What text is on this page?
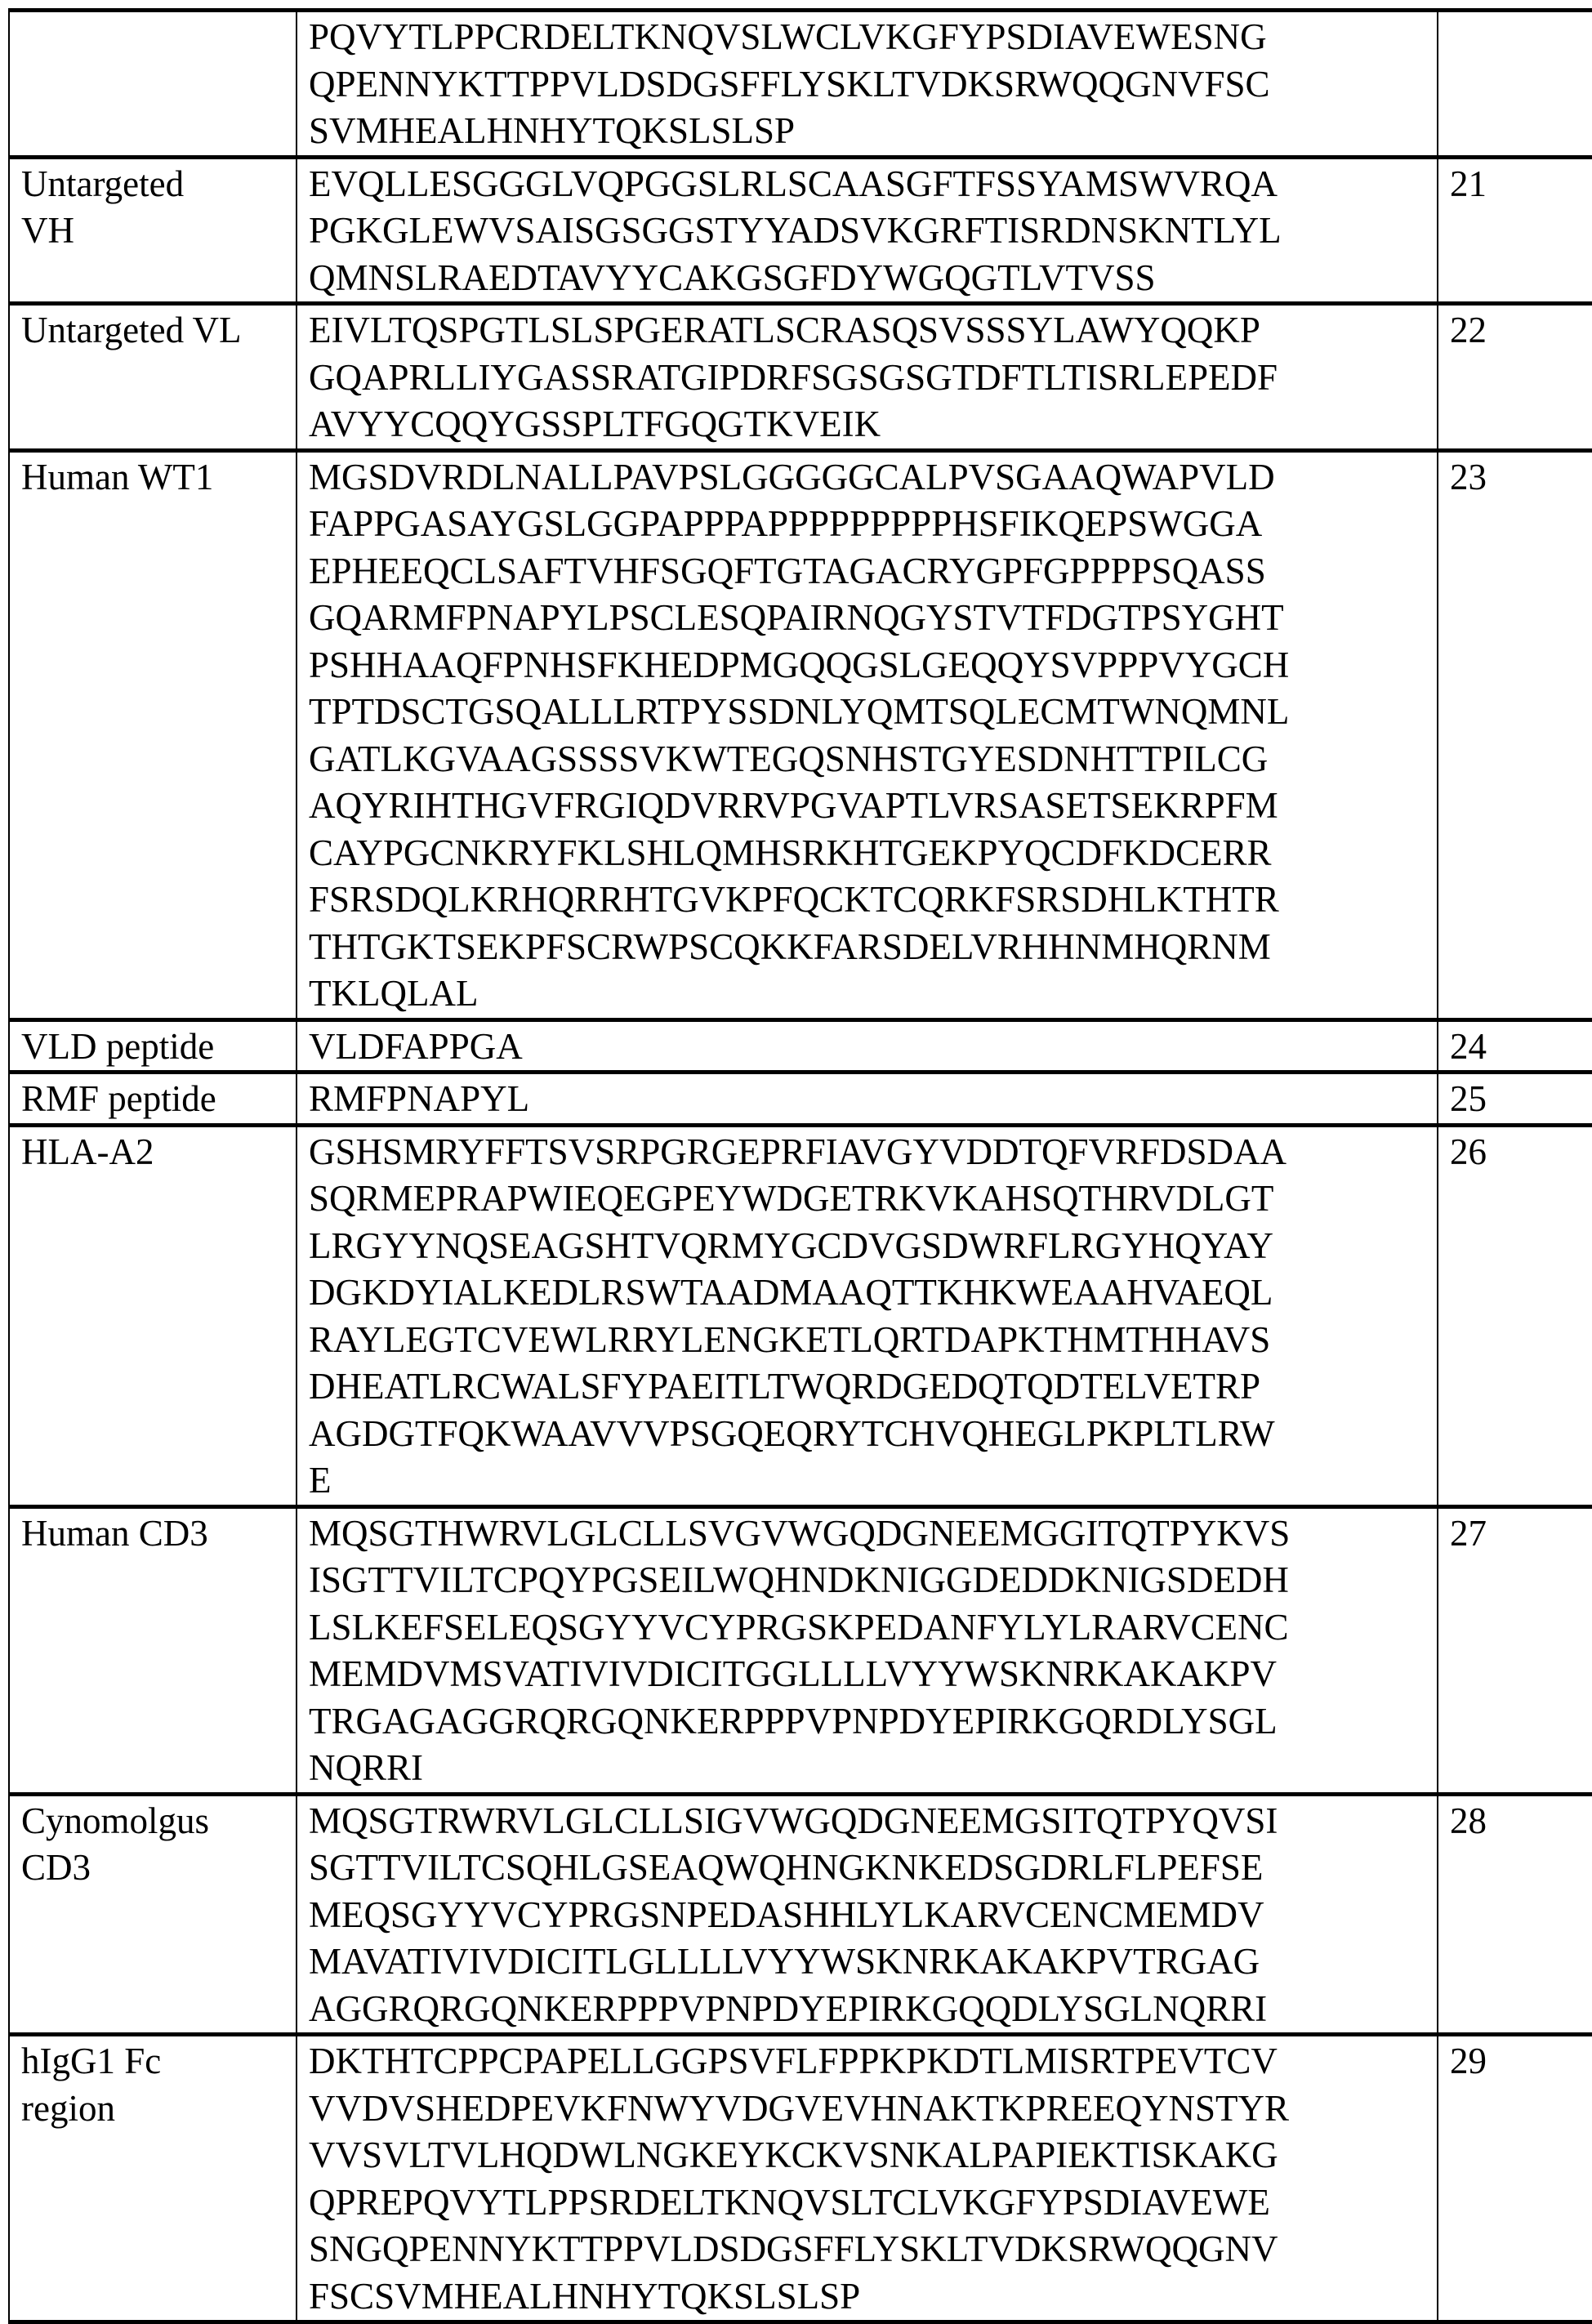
PQVYTLPPCRDELTKNQVSLWCLVKGFYPSDIAVEWESNG
QPENNYKTTPPVLDSDGSFFLYSKLTVDKSRWQQGNVFSC
SVMHEALHNHYTQKSLSLSP

Untargeted
VH

EVQLLESGGGLVQPGGSLRLSCAASGFTFSSYAMSWVRQA
PGKGLEWVSAISGSGGSTYYADSVKGRFTISRDNSKNTLYL
QMNSLRAEDTAVYYCAKGSGFDYWGQGTLVTVSS

21

Untargeted VL	EIVLTQSPGTLSLSPGERATLSCRASQSVSSSYLAWYQQKP
GQAPRLLIYGASSRATGIPDRFSGSGSGTDFTLTISRLEPEDF
AVYYCQQYGSSPLTFGQGTKVEIK

22

Human WT1	MGSDVRDLNALLPAVPSLGGGGGCALPVSGAAQWAPVLD
FAPPGASAYGSLGGPAPPPAPPPPPPPPPHSFIKQEPSWGGA
EPHEEQCLSAFTVHFSGQFTGTAGACRYGPFGPPPPSQASS
GQARMFPNAPYLPSCLESQPAIRNQGYSTVTFDGTPSYGHT
PSHHAAQFPNHSFKHEDPMGQQGSLGEQQYSVPPPVYGCH
TPTDSCTGSQALLLRTPYSSDNLYQMTSQLECMTWNQMNL
GATLKGVAAGSSSSVKWTEGQSNHSTGYESDNHTTPILCG
AQYRIHTHGVFRGIQDVRRVPGVAPTLVRSASETSEKRPFM
CAYPGCNKRYFKLSHLQMHSRKHTGEKPYQCDFKDCERR
FSRSDQLKRHQRRHTGVKPFQCKTCQRKFSRSDHLKTHTR
THTGKTSEKPFSCRWPSCQKKFARSDELVRHHNMHQRNM
TKLQLAL

23

VLD peptide	VLDFAPPGA	24

RMF peptide	RMFPNAPYL	25

HLA-A2	GSHSMRYFFTSVSRPGRGEPRFIAVGYVDDTQFVRFDSDAA
SQRMEPRAPWIEQEGPEYWDGETRKVKAHSQTHRVDLGT
LRGYYNQSEAGSHTVQRMYGCDVGSDWRFLRGYHQYAY
DGKDYIALKEDLRSWTAADMAAQTTKHKWEAAHVAEQL
RAYLEGTCVEWLRRYLENGKETLQRTDAPKTHMTHHAVS
DHEATLRCWALSFYPAEITLTWQRDGEDQTQDTELVETRP
AGDGTFQKWAAVVVPSGQEQRYTCHVQHEGLPKPLTLRW
E

26

Human CD3	MQSGTHWRVLGLCLLSVGVWGQDGNEEMGGITQTPYKVS
ISGTTVILTCPQYPGSEILWQHNDKNIGGDEDDKNIGSDEDH
LSLKEFSELEQSGYYVCYPRGSKPEDANFYLYLRARVCENC
MEMDVMSVATIVIVDICITGGLLLLVYYWSKNRKAKAKPV
TRGAGAGGRQRGQNKERPPPVPNPDYEPIRKGQRDLYSGL
NQRRI

27

Cynomolgus
CD3

MQSGTRWRVLGLCLLSIGVWGQDGNEEMGSITQTPYQVSI
SGTTVILTCSQHLGSEAQWQHNGKNKEDSGDRLFLPEFSE
MEQSGYYVCYPRGSNPEDASHHLYLKARVCENCMEMDV
MAVATIVIVDICITLGLLLLVYYWSKNRKAKAKPVTRGAG
AGGRQRGQNKERPPPVPNPDYEPIRKGQQDLYSGLNQRRI

28

hIgG1 Fc
region

DKTHTCPPCPAPELLGGPSVFLFPPKPKDTLMISRTPEVTCV
VVDVSHEDPEVKFNWYVDGVEVHNAKTKPREEQYNSTYR
VVSVLTVLHQDWLNGKEYKCKVSNKALPAPIEKTISKAKG
QPREPQVYTLPPSRDELTKNQVSLTCLVKGFYPSDIAVEWE
SNGQPENNYKTTPPVLDSDGSFFLYSKLTVDKSRWQQGNV
FSCSVMHEALHNHYTQKSLSLSP

29
